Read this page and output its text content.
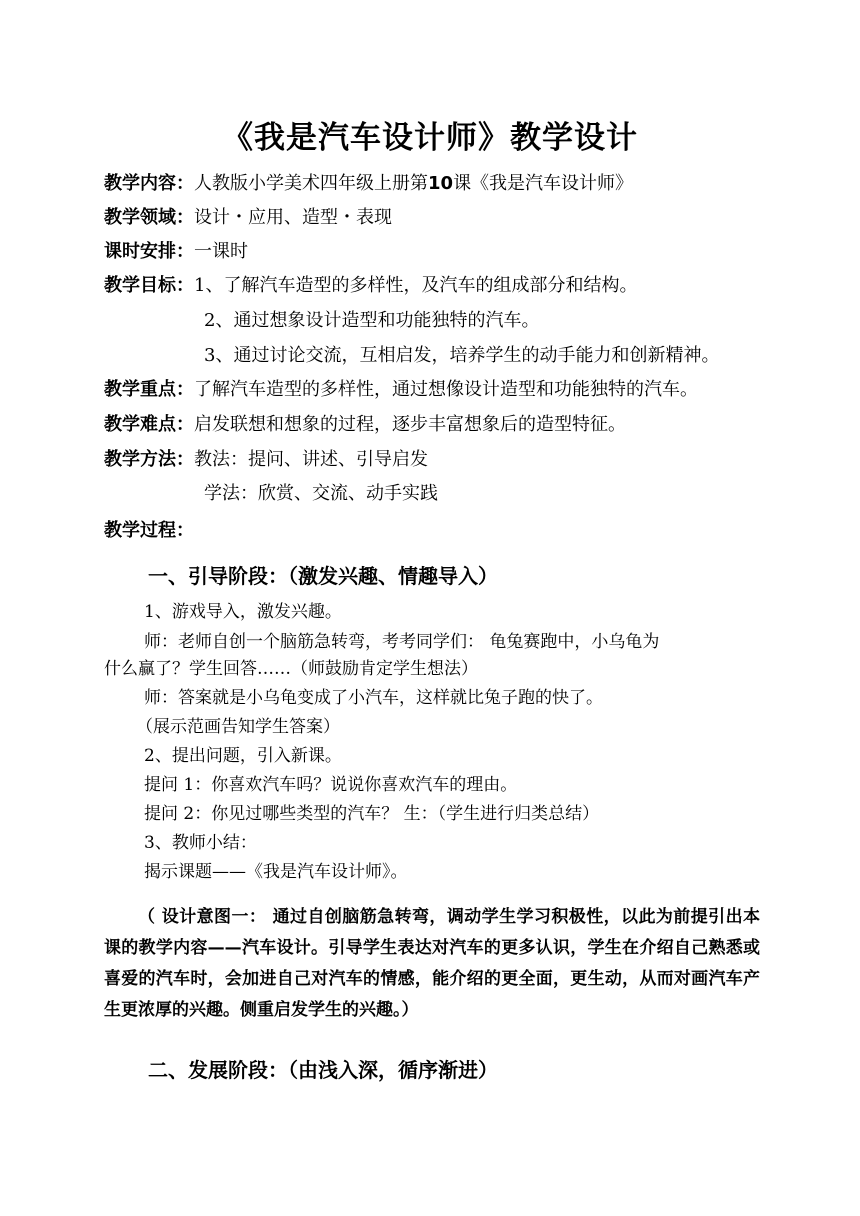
《我是汽车设计师》教学设计
教学内容：人教版小学美术四年级上册第10课《我是汽车设计师》
教学领域：设计・应用、造型・表现
课时安排：一课时
教学目标：1、了解汽车造型的多样性，及汽车的组成部分和结构。
2、通过想象设计造型和功能独特的汽车。
3、通过讨论交流，互相启发，培养学生的动手能力和创新精神。
教学重点：了解汽车造型的多样性，通过想像设计造型和功能独特的汽车。
教学难点：启发联想和想象的过程，逐步丰富想象后的造型特征。
教学方法：教法：提问、讲述、引导启发
学法：欣赏、交流、动手实践
教学过程：
一、引导阶段：（激发兴趣、情趣导入）
1、游戏导入，激发兴趣。
师：老师自创一个脑筋急转弯，考考同学们： 龟兔赛跑中，小乌龟为
什么赢了？学生回答……（师鼓励肯定学生想法）
师：答案就是小乌龟变成了小汽车，这样就比兔子跑的快了。
（展示范画告知学生答案）
2、提出问题，引入新课。
提问 1：你喜欢汽车吗？说说你喜欢汽车的理由。
提问 2：你见过哪些类型的汽车？ 生：（学生进行归类总结）
3、教师小结：
揭示课题——《我是汽车设计师》。
（ 设计意图一： 通过自创脑筋急转弯，调动学生学习积极性，以此为前提引出本课的教学内容——汽车设计。引导学生表达对汽车的更多认识，学生在介绍自己熟悉或喜爱的汽车时，会加进自己对汽车的情感，能介绍的更全面，更生动，从而对画汽车产生更浓厚的兴趣。侧重启发学生的兴趣。）
二、发展阶段：（由浅入深，循序渐进）
